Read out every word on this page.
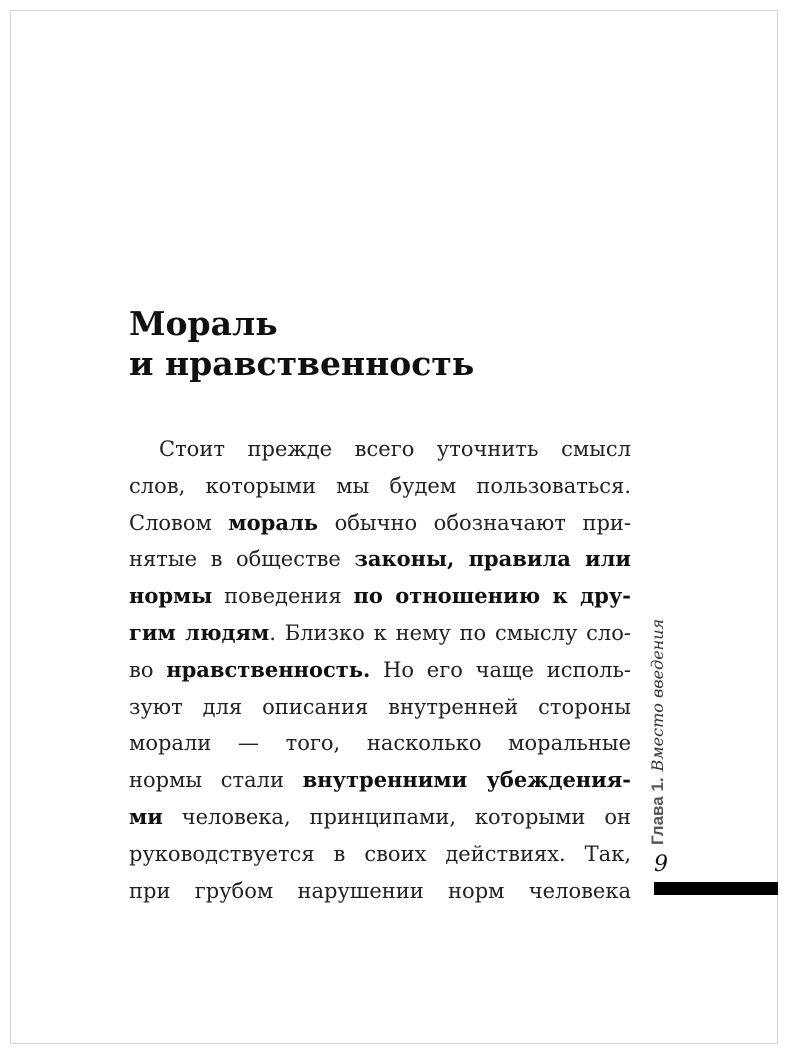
Мораль
и нравственность
Стоит прежде всего уточнить смысл
слов, которыми мы будем пользоваться.
Словом мораль обычно обозначают при-
нятые в обществе законы, правила или
нормы поведения по отношению к дру-
гим людям. Близко к нему по смыслу сло-
во нравственность. Но его чаще исполь-
зуют для описания внутренней стороны
морали — того, насколько моральные
нормы стали внутренними убеждения-
ми человека, принципами, которыми он
руководствуется в своих действиях. Так,
при грубом нарушении норм человека
Глава 1.Вместо введения
9
